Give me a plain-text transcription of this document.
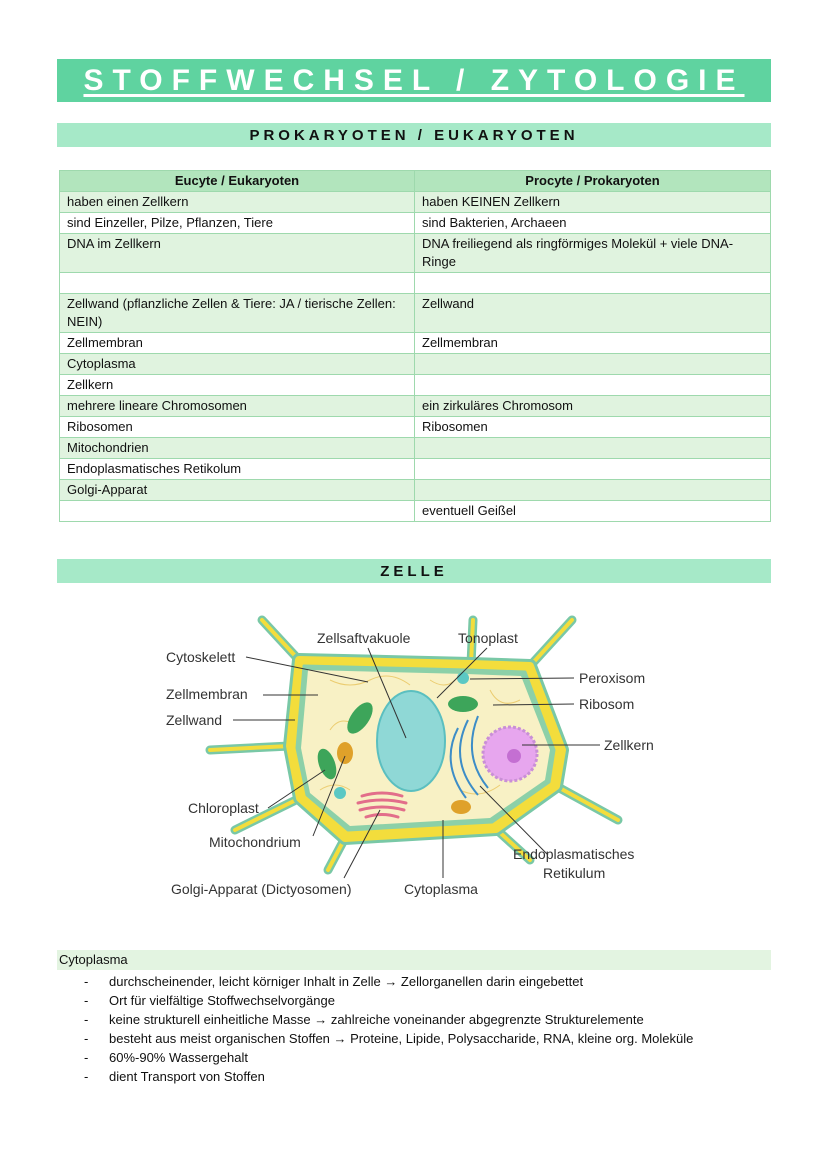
STOFFWECHSEL / ZYTOLOGIE
PROKARYOTEN / EUKARYOTEN
Eucyte / Eukaryoten	Procyte / Prokaryoten
haben einen Zellkern	haben KEINEN Zellkern
sind Einzeller, Pilze, Pflanzen, Tiere	sind Bakterien, Archaeen
DNA im Zellkern	DNA freiliegend als ringförmiges Molekül + viele DNA-Ringe

Zellwand (pflanzliche Zellen & Tiere: JA / tierische Zellen: NEIN)	Zellwand
Zellmembran	Zellmembran
Cytoplasma	
Zellkern	
mehrere lineare Chromosomen	ein zirkuläres Chromosom
Ribosomen	Ribosomen
Mitochondrien	
Endoplasmatisches Retikolum	
Golgi-Apparat	
	eventuell Geißel
ZELLE
Cytoskelett
Zellsaftvakuole	Tonoplast
Peroxisom
Ribosom
Zellmembran
Zellwand
Zellkern
Chloroplast
Mitochondrium
Endoplasmatisches
Retikulum
Golgi-Apparat (Dictyosomen)	Cytoplasma
Cytoplasma
- durchscheinender, leicht körniger Inhalt in Zelle → Zellorganellen darin eingebettet
- Ort für vielfältige Stoffwechselvorgänge
- keine strukturell einheitliche Masse → zahlreiche voneinander abgegrenzte Strukturelemente
- besteht aus meist organischen Stoffen → Proteine, Lipide, Polysaccharide, RNA, kleine org. Moleküle
- 60%-90% Wassergehalt
- dient Transport von Stoffen
